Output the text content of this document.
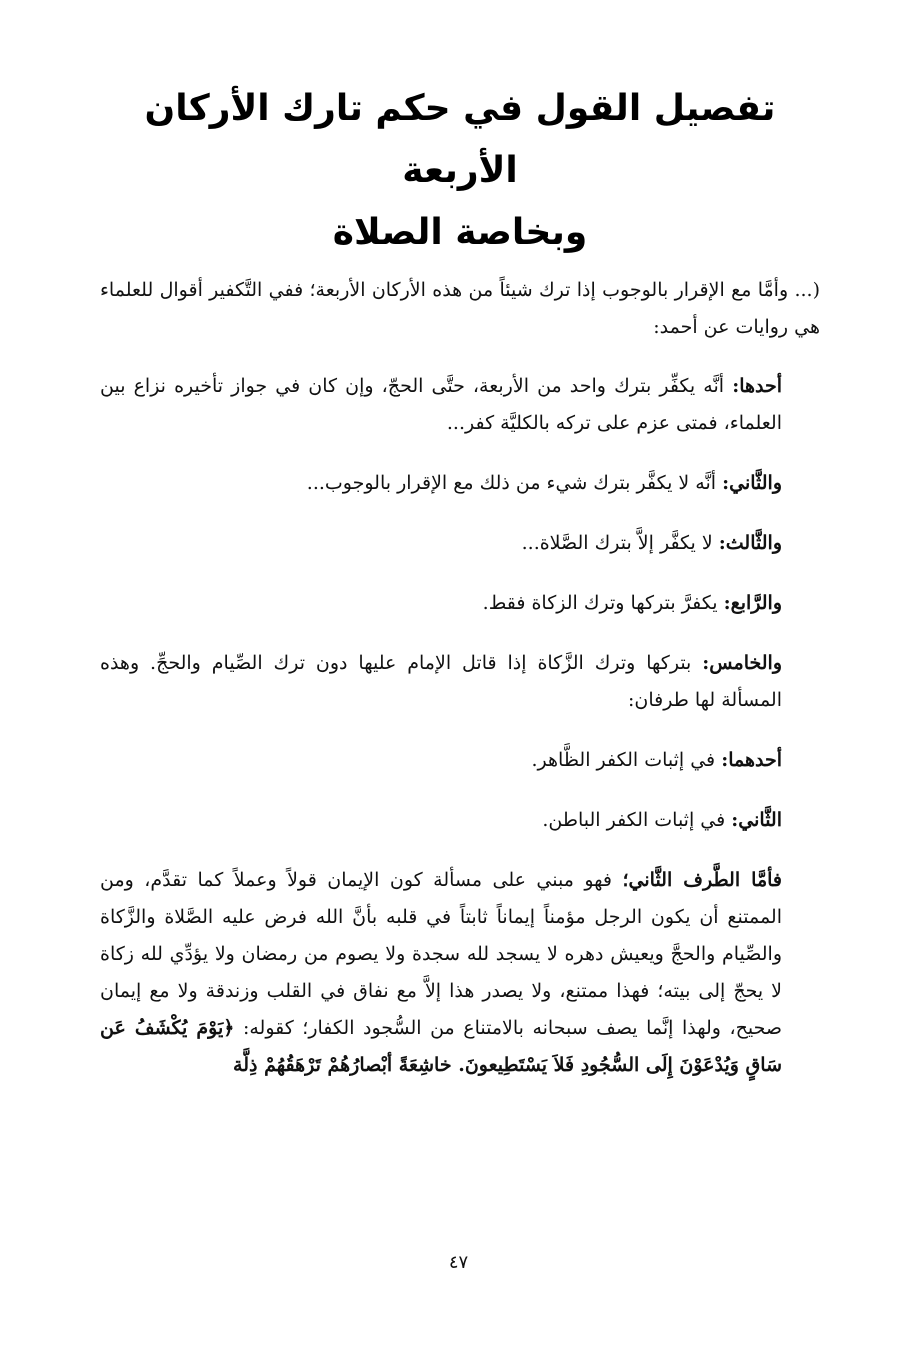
تفصيل القول في حكم تارك الأركان الأربعة
وبخاصة الصلاة

(... وأمَّا مع الإقرار بالوجوب إذا ترك شيئاً من هذه الأركان الأربعة؛ ففي التَّكفير أقوال للعلماء هي روايات عن أحمد:

أحدها: أنَّه يكفِّر بترك واحد من الأربعة، حتَّى الحجّ، وإن كان في جواز تأخيره نزاع بين العلماء، فمتى عزم على تركه بالكليَّة كفر...

والثَّاني: أنَّه لا يكفَّر بترك شيء من ذلك مع الإقرار بالوجوب...

والثَّالث: لا يكفَّر إلاَّ بترك الصَّلاة...

والرَّابع: يكفرَّ بتركها وترك الزكاة فقط.

والخامس: بتركها وترك الزَّكاة إذا قاتل الإمام عليها دون ترك الصِّيام والحجِّ. وهذه المسألة لها طرفان:

أحدهما: في إثبات الكفر الظَّاهر.

الثَّاني: في إثبات الكفر الباطن.

فأمَّا الطَّرف الثَّاني؛ فهو مبني على مسألة كون الإيمان قولاً وعملاً كما تقدَّم، ومن الممتنع أن يكون الرجل مؤمناً إيماناً ثابتاً في قلبه بأنَّ الله فرض عليه الصَّلاة والزَّكاة والصِّيام والحجَّ ويعيش دهره لا يسجد لله سجدة ولا يصوم من رمضان ولا يؤدِّي لله زكاة لا يحجّ إلى بيته؛ فهذا ممتنع، ولا يصدر هذا إلاَّ مع نفاق في القلب وزندقة ولا مع إيمان صحيح، ولهذا إنَّما يصف سبحانه بالامتناع من السُّجود الكفار؛ كقوله: ﴿يَوْمَ يُكْشَفُ عَن سَاقٍ وَيُدْعَوْنَ إِلَى السُّجُودِ فَلاَ يَسْتَطِيعونَ. خاشِعَةً أبْصارُهُمْ تَرْهَقُهُمْ ذِلَّة

٤٧
